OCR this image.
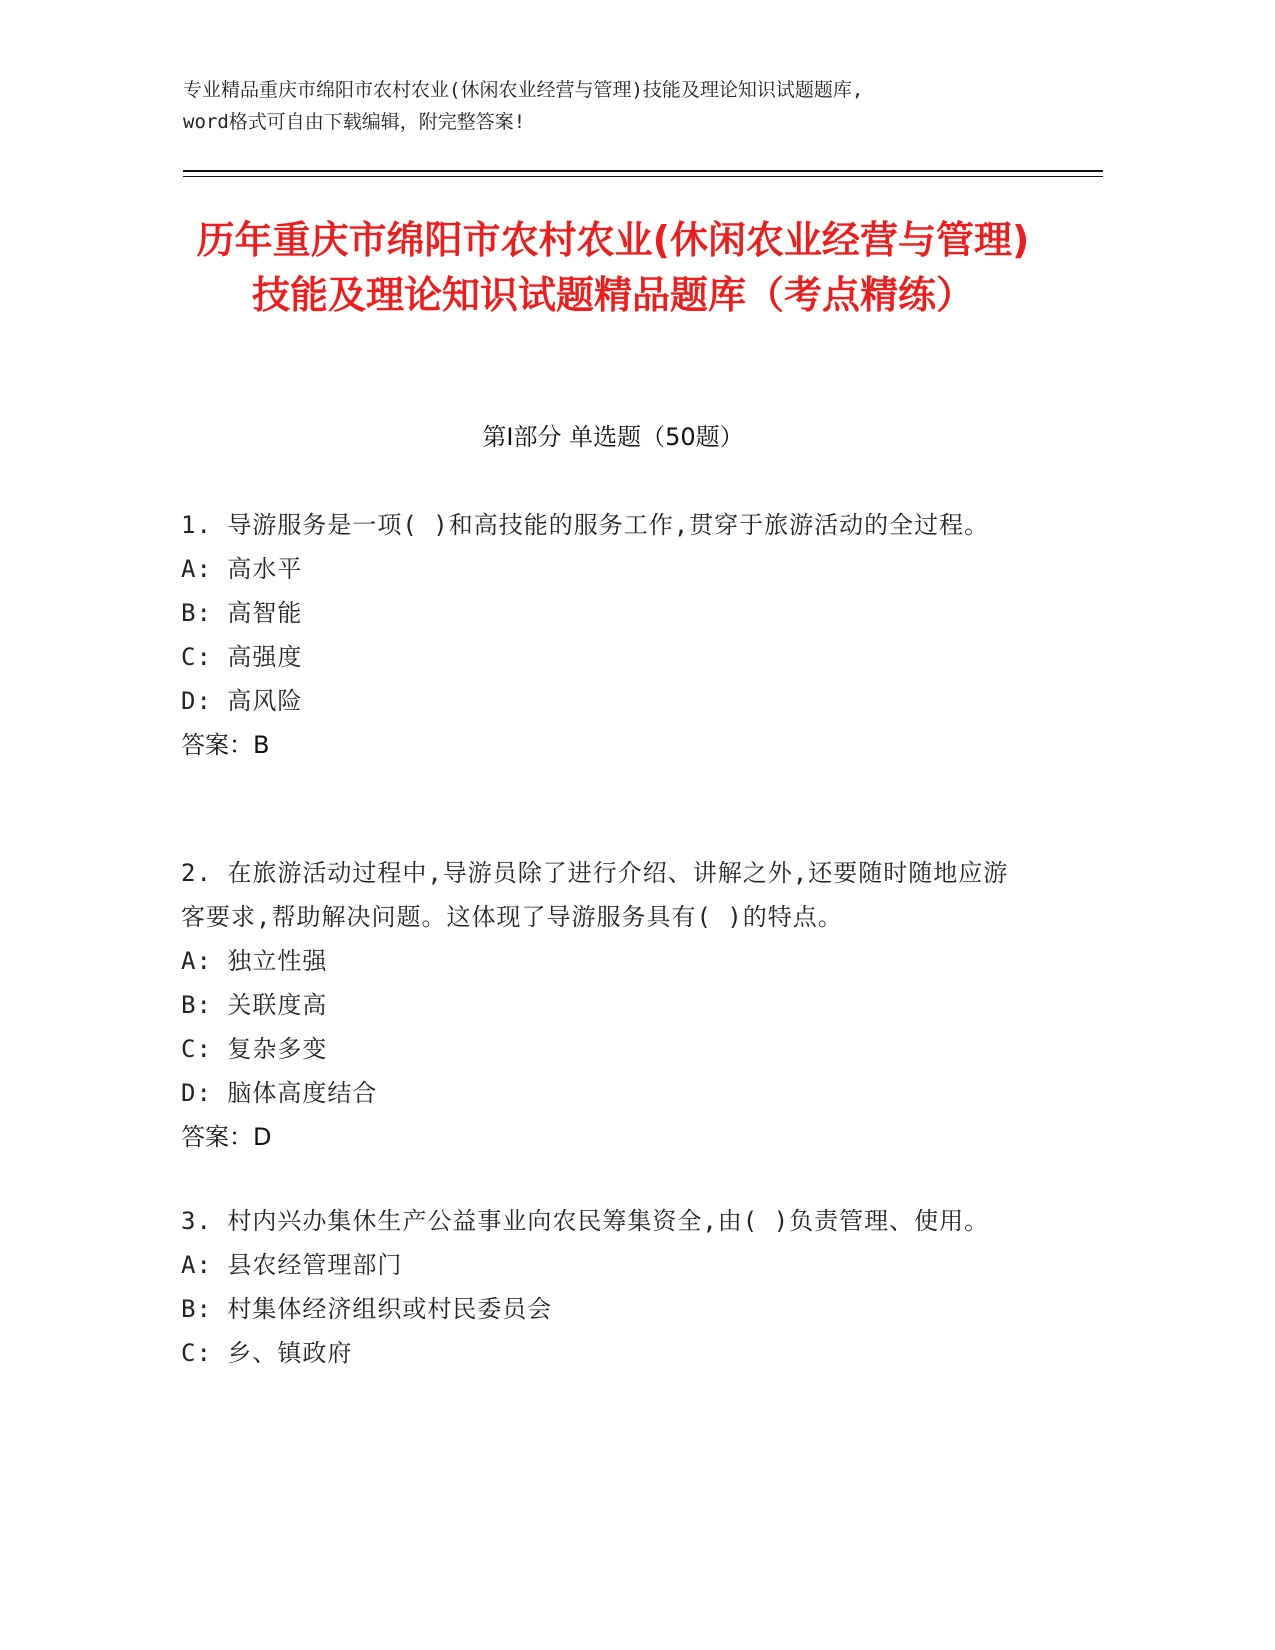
专业精品重庆市绵阳市农村农业(休闲农业经营与管理)技能及理论知识试题题库,
word格式可自由下载编辑，附完整答案!
历年重庆市绵阳市农村农业(休闲农业经营与管理)技能及理论知识试题精品题库（考点精练）
第I部分 单选题（50题）
1. 导游服务是一项( )和高技能的服务工作,贯穿于旅游活动的全过程。
A: 高水平
B: 高智能
C: 高强度
D: 高风险
答案：B
2. 在旅游活动过程中,导游员除了进行介绍、讲解之外,还要随时随地应游客要求,帮助解决问题。这体现了导游服务具有( )的特点。
A: 独立性强
B: 关联度高
C: 复杂多变
D: 脑体高度结合
答案：D
3. 村内兴办集休生产公益事业向农民筹集资全,由( )负责管理、使用。
A: 县农经管理部门
B: 村集体经济组织或村民委员会
C: 乡、镇政府
